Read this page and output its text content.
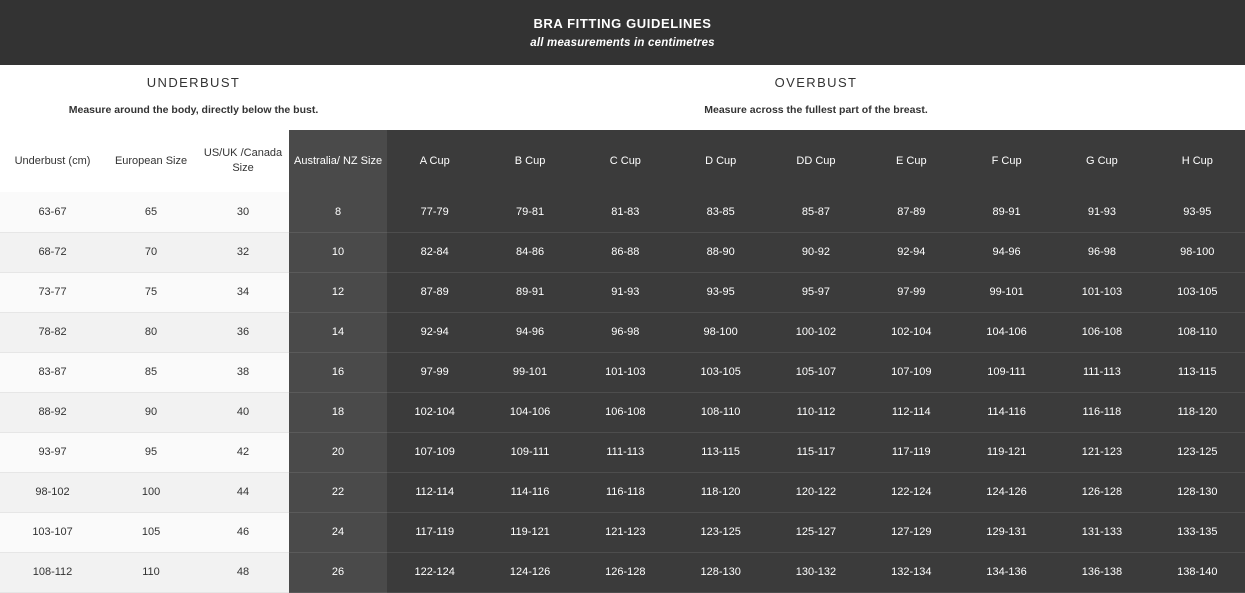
BRA FITTING GUIDELINES
all measurements in centimetres
UNDERBUST
Measure around the body, directly below the bust.
OVERBUST
Measure across the fullest part of the breast.
Underbust (cm)	European Size	US/UK /Canada Size	Australia/ NZ Size	A Cup	B Cup	C Cup	D Cup	DD Cup	E Cup	F Cup	G Cup	H Cup
63-67	65	30	8	77-79	79-81	81-83	83-85	85-87	87-89	89-91	91-93	93-95
68-72	70	32	10	82-84	84-86	86-88	88-90	90-92	92-94	94-96	96-98	98-100
73-77	75	34	12	87-89	89-91	91-93	93-95	95-97	97-99	99-101	101-103	103-105
78-82	80	36	14	92-94	94-96	96-98	98-100	100-102	102-104	104-106	106-108	108-110
83-87	85	38	16	97-99	99-101	101-103	103-105	105-107	107-109	109-111	111-113	113-115
88-92	90	40	18	102-104	104-106	106-108	108-110	110-112	112-114	114-116	116-118	118-120
93-97	95	42	20	107-109	109-111	111-113	113-115	115-117	117-119	119-121	121-123	123-125
98-102	100	44	22	112-114	114-116	116-118	118-120	120-122	122-124	124-126	126-128	128-130
103-107	105	46	24	117-119	119-121	121-123	123-125	125-127	127-129	129-131	131-133	133-135
108-112	110	48	26	122-124	124-126	126-128	128-130	130-132	132-134	134-136	136-138	138-140
